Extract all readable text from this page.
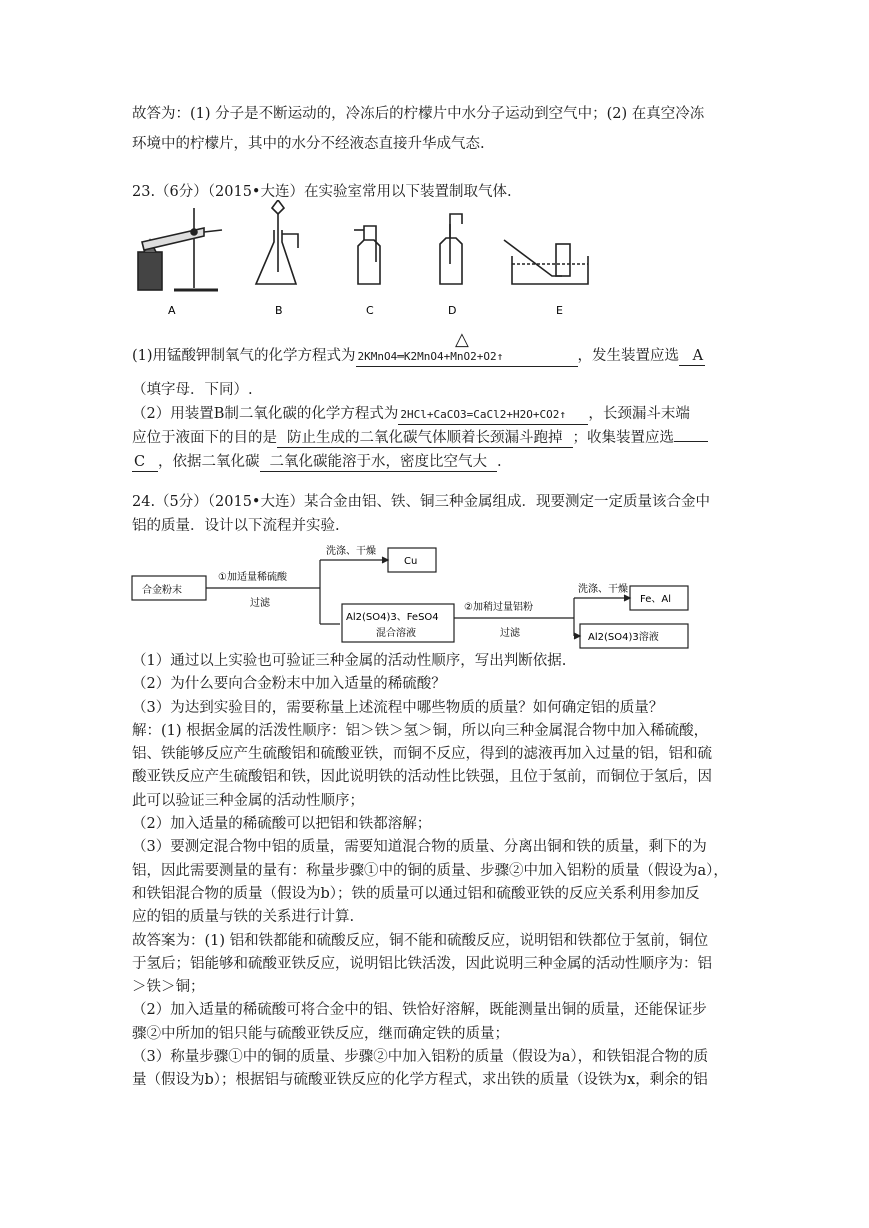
故答为：(1) 分子是不断运动的，冷冻后的柠檬片中水分子运动到空气中；(2) 在真空冷冻
环境中的柠檬片，其中的水分不经液态直接升华成气态.
23.（6分）（2015•大连）在实验室常用以下装置制取气体.
A	B	C	D	E
△
(1)用锰酸钾制氧气的化学方程式为 2KMnO4═K2MnO4+MnO2+O2↑	，发生装置应选 A
（填字母．下同）.
（2）用装置B制二氧化碳的化学方程式为 2HCl+CaCO3=CaCl2+H2O+CO2↑ ，长颈漏斗末端
应位于液面下的目的是 防止生成的二氧化碳气体顺着长颈漏斗跑掉 ；收集装置应选
C ，依据二氧化碳 二氧化碳能溶于水，密度比空气大 .
24.（5分）（2015•大连）某合金由铝、铁、铜三种金属组成．现要测定一定质量该合金中
铝的质量．设计以下流程并实验.
合金粉末
①加适量稀硫酸
过滤
洗涤、干燥
Cu
Al2(SO4)3、FeSO4
混合溶液
②加稍过量铝粉
过滤
洗涤、干燥
Fe、Al
Al2(SO4)3溶液
（1）通过以上实验也可验证三种金属的活动性顺序，写出判断依据.
（2）为什么要向合金粉末中加入适量的稀硫酸？
（3）为达到实验目的，需要称量上述流程中哪些物质的质量？如何确定铝的质量？
解：(1) 根据金属的活泼性顺序：铝＞铁＞氢＞铜，所以向三种金属混合物中加入稀硫酸，
铝、铁能够反应产生硫酸铝和硫酸亚铁，而铜不反应，得到的滤液再加入过量的铝，铝和硫
酸亚铁反应产生硫酸铝和铁，因此说明铁的活动性比铁强，且位于氢前，而铜位于氢后，因
此可以验证三种金属的活动性顺序；
（2）加入适量的稀硫酸可以把铝和铁都溶解；
（3）要测定混合物中铝的质量，需要知道混合物的质量、分离出铜和铁的质量，剩下的为
铝，因此需要测量的量有：称量步骤①中的铜的质量、步骤②中加入铝粉的质量（假设为a），
和铁铝混合物的质量（假设为b）；铁的质量可以通过铝和硫酸亚铁的反应关系利用参加反
应的铝的质量与铁的关系进行计算.
故答案为：(1) 铝和铁都能和硫酸反应，铜不能和硫酸反应，说明铝和铁都位于氢前，铜位
于氢后；铝能够和硫酸亚铁反应，说明铝比铁活泼，因此说明三种金属的活动性顺序为：铝
＞铁＞铜；
（2）加入适量的稀硫酸可将合金中的铝、铁恰好溶解，既能测量出铜的质量，还能保证步
骤②中所加的铝只能与硫酸亚铁反应，继而确定铁的质量；
（3）称量步骤①中的铜的质量、步骤②中加入铝粉的质量（假设为a），和铁铝混合物的质
量（假设为b）；根据铝与硫酸亚铁反应的化学方程式，求出铁的质量（设铁为x，剩余的铝
